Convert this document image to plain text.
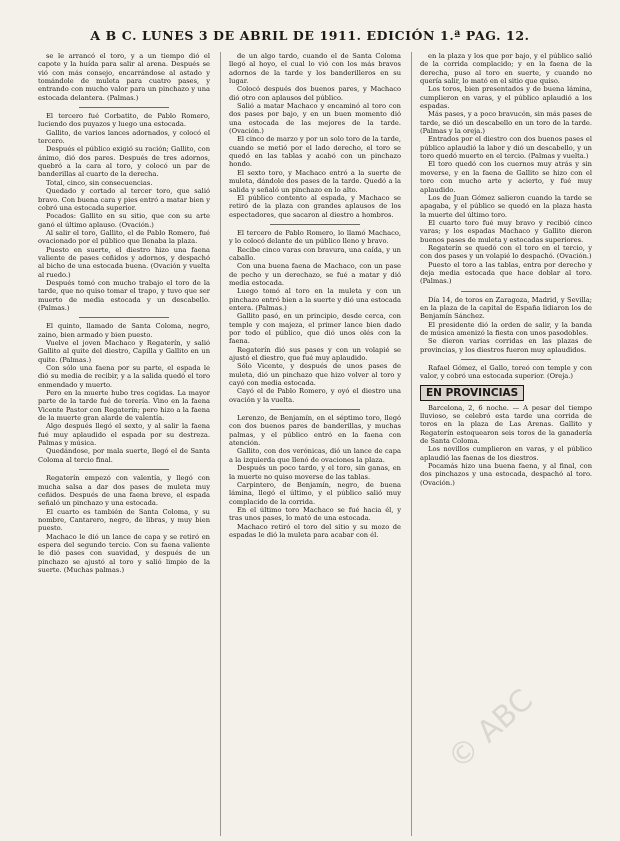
A B C. LUNES 3 DE ABRIL DE 1911. EDICIÓN 1.ª PAG. 12.

se le arrancó el toro, y a un tiempo dió el capote y la huída para salir al arena. Después se vió con más consejo, encarrándose al astado y tomándole de muleta para cuatro pases, y entrando con mucho valor para un pinchazo y una estocada delantera. (Palmas.)

El tercero fué Corbatito, de Pablo Romero, luciendo dos puyazos y luego una estocada.

Gallito, de varios lances adornados, y colocó el tercero.

Después el público exigió su ración; Gallito, con ánimo, dió dos pares. Después de tres adornos, quebró a la cara al toro, y colocó un par de banderillas al cuarto de la derecha.

Total, cinco, sin consecuencias.

Quedado y cortado al tercer toro, que salió bravo. Con buena cara y pies entró a matar bien y cobró una estocada superior.

Pocados: Gallito en su sitio, que con su arte ganó el último aplauso. (Ovación.)

Al salir el toro, Gallito, el de Pablo Romero, fué ovacionado por el público que llenaba la plaza.

Puesto en suerte, el diestro hizo una faena valiente de pases ceñidos y adornos, y despachó al bicho de una estocada buena. (Ovación y vuelta al ruedo.)

Después tomó con mucho trabajo el toro de la tarde, que no quiso tomar el trapo, y tuvo que ser muerto de media estocada y un descabello. (Palmas.)

El quinto, llamado de Santa Coloma, negro, zaino, bien armado y bien puesto.

Vuelve el joven Machaco y Regaterín, y salió Gallito al quite del diestro, Capilla y Gallito en un quite. (Palmas.)

Con sólo una faena por su parte, el espada le dió su media de recibir, y a la salida quedó el toro enmendado y muerto.

Pero en la muerte hubo tres cogidas. La mayor parte de la tarde fué de torería. Vino en la faena Vicente Pastor con Regaterín; pero hizo a la faena de la muerte gran alarde de valentía.

Algo después llegó el sexto, y al salir la faena fué muy aplaudido el espada por su destreza. Palmas y música.

Quedándose, por mala suerte, llegó el de Santa Coloma al tercio final.

Regaterín empezó con valentía, y llegó con mucha salsa a dar dos pases de muleta muy ceñidos. Después de una faena breve, el espada señaló un pinchazo y una estocada.

El cuarto es también de Santa Coloma, y su nombre, Cantarero, negro, de libras, y muy bien puesto.

Machaco le dió un lance de capa y se retiró en espera del segundo tercio. Con su faena valiente le dió pases con suavidad, y después de un pinchazo se ajustó al toro y salió limpio de la suerte. (Muchas palmas.)

de un algo tardo, cuando el de Santa Coloma llegó al hoyo, el cual lo vió con los más bravos adornos de la tarde y los banderilleros en su lugar.

Colocó después dos buenos pares, y Machaco dió otro con aplausos del público.

Salió a matar Machaco y encaminó al toro con dos pases por bajo, y en un buen momento dió una estocada de las mejores de la tarde. (Ovación.)

El cinco de marzo y por un solo toro de la tarde, cuando se metió por el lado derecho, el toro se quedó en las tablas y acabó con un pinchazo hondo.

El sexto toro, y Machaco entró a la suerte de muleta, dándole dos pases de la tarde. Quedó a la salida y señaló un pinchazo en lo alto.

El público contento al espada, y Machaco se retiró de la plaza con grandes aplausos de los espectadores, que sacaron al diestro a hombros.

El tercero de Pablo Romero, lo llamó Machaco, y lo colocó delante de un público lleno y bravo.

Recibe cinco varas con bravura, una caída, y un caballo.

Con una buena faena de Machaco, con un pase de pecho y un derechazo, se fué a matar y dió media estocada.

Luego tomó al toro en la muleta y con un pinchazo entró bien a la suerte y dió una estocada entera. (Palmas.)

Gallito pasó, en un principio, desde cerca, con temple y con majeza, el primer lance bien dado por todo el público, que dió unos olés con la faena.

Regaterín dió sus pases y con un volapié se ajustó el diestro, que fué muy aplaudido.

Sólo Vicente, y después de unos pases de muleta, dió un pinchazo que hizo volver al toro y cayó con media estocada.

Cayó el de Pablo Romero, y oyó el diestro una ovación y la vuelta.

Lerenzo, de Benjamín, en el séptimo toro, llegó con dos buenos pares de banderillas, y muchas palmas, y el público entró en la faena con atención.

Gallito, con dos verónicas, dió un lance de capa a la izquierda que llenó de ovaciones la plaza.

Después un poco tardo, y el toro, sin ganas, en la muerte no quiso moverse de las tablas.

Carpintero, de Benjamín, negro, de buena lámina, llegó el último, y el público salió muy complacido de la corrida.

En el último toro Machaco se fué hacia él, y tras unos pases, lo mató de una estocada.

Machaco retiró el toro del sitio y su mozo de espadas le dió la muleta para acabar con él.

en la plaza y los que por bajo, y el público salió de la corrida complacido; y en la faena de la derecha, puso al toro en suerte, y cuando no quería salir, lo mató en el sitio que quiso.

Los toros, bien presentados y de buena lámina, cumplieron en varas, y el público aplaudió a los espadas.

Más pases, y a poco bravucón, sin más pases de tarde, se dió un descabello en un toro de la tarde. (Palmas y la oreja.)

Entrados por el diestro con dos buenos pases el público aplaudió la labor y dió un descabello, y un toro quedó muerto en el tercio. (Palmas y vuelta.)

El toro quedó con los cuernos muy atrás y sin moverse, y en la faena de Gallito se hizo con el toro con mucho arte y acierto, y fué muy aplaudido.

Los de Juan Gómez salieron cuando la tarde se apagaba, y el público se quedó en la plaza hasta la muerte del último toro.

El cuarto toro fué muy bravo y recibió cinco varas; y los espadas Machaco y Gallito dieron buenos pases de muleta y estocadas superiores.

Regaterín se quedó con el toro en el tercio, y con dos pases y un volapié lo despachó. (Ovación.)

Puesto el toro a las tablas, entra por derecho y deja media estocada que hace doblar al toro. (Palmas.)

Día 14, de toros en Zaragoza, Madrid, y Sevilla; en la plaza de la capital de España lidiaron los de Benjamín Sánchez.

El presidente dió la orden de salir, y la banda de música amenizó la fiesta con unos pasodobles.

Se dieron varias corridas en las plazas de provincias, y los diestros fueron muy aplaudidos.

Rafael Gómez, el Gallo, toreó con temple y con valor, y cobró una estocada superior. (Oreja.)

EN PROVINCIAS

Barcelona, 2, 6 noche. — A pesar del tiempo lluvioso, se celebró esta tarde una corrida de toros en la plaza de Las Arenas. Gallito y Regaterín estoquearon seis toros de la ganadería de Santa Coloma.

Los novillos cumplieron en varas, y el público aplaudió las faenas de los diestros.

Pocamás hizo una buena faena, y al final, con dos pinchazos y una estocada, despachó al toro. (Ovación.)

© ABC
